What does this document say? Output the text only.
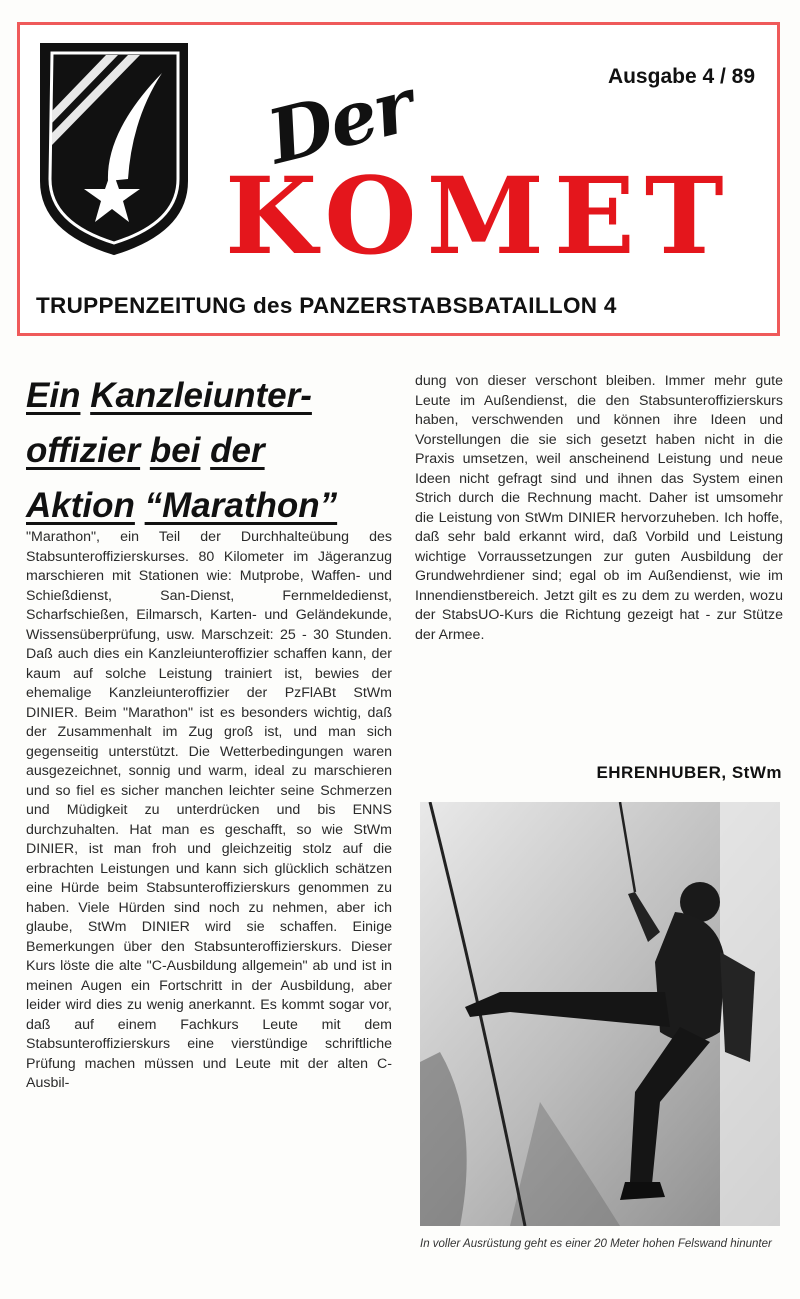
Der	Ausgabe 4 / 89
KOMET
TRUPPENZEITUNG des PANZERSTABSBATAILLON 4
Ein Kanzleiunter-
offizier bei der
Aktion “Marathon”
"Marathon", ein Teil der Durchhalteübung des Stabsunteroffizierskurses. 80 Kilometer im Jägeranzug marschieren mit Stationen wie: Mutprobe, Waffen- und Schießdienst, San-Dienst, Fernmeldedienst, Scharfschießen, Eilmarsch, Karten- und Geländekunde, Wissensüberprüfung, usw. Marschzeit: 25 - 30 Stunden. Daß auch dies ein Kanzleiunteroffizier schaffen kann, der kaum auf solche Leistung trainiert ist, bewies der ehemalige Kanzleiunteroffizier der PzFlABt StWm DINIER. Beim "Marathon" ist es besonders wichtig, daß der Zusammenhalt im Zug groß ist, und man sich gegenseitig unterstützt. Die Wetterbedingungen waren ausgezeichnet, sonnig und warm, ideal zu marschieren und so fiel es sicher manchen leichter seine Schmerzen und Müdigkeit zu unterdrücken und bis ENNS durchzuhalten. Hat man es geschafft, so wie StWm DINIER, ist man froh und gleichzeitig stolz auf die erbrachten Leistungen und kann sich glücklich schätzen eine Hürde beim Stabsunteroffizierskurs genommen zu haben. Viele Hürden sind noch zu nehmen, aber ich glaube, StWm DINIER wird sie schaffen. Einige Bemerkungen über den Stabsunteroffizierskurs. Dieser Kurs löste die alte "C-Ausbildung allgemein" ab und ist in meinen Augen ein Fortschritt in der Ausbildung, aber leider wird dies zu wenig anerkannt. Es kommt sogar vor, daß auf einem Fachkurs Leute mit dem Stabsunteroffizierskurs eine vierstündige schriftliche Prüfung machen müssen und Leute mit der alten C-Ausbil-
dung von dieser verschont bleiben. Immer mehr gute Leute im Außendienst, die den Stabsunteroffizierskurs haben, verschwenden und können ihre Ideen und Vorstellungen die sie sich gesetzt haben nicht in die Praxis umsetzen, weil anscheinend Leistung und neue Ideen nicht gefragt sind und ihnen das System einen Strich durch die Rechnung macht. Daher ist umsomehr die Leistung von StWm DINIER hervorzuheben. Ich hoffe, daß sehr bald erkannt wird, daß Vorbild und Leistung wichtige Vorraussetzungen zur guten Ausbildung der Grundwehrdiener sind; egal ob im Außendienst, wie im Innendienstbereich. Jetzt gilt es zu dem zu werden, wozu der StabsUO-Kurs die Richtung gezeigt hat - zur Stütze der Armee.
EHRENHUBER, StWm
In voller Ausrüstung geht es einer 20 Meter hohen Felswand hinunter
